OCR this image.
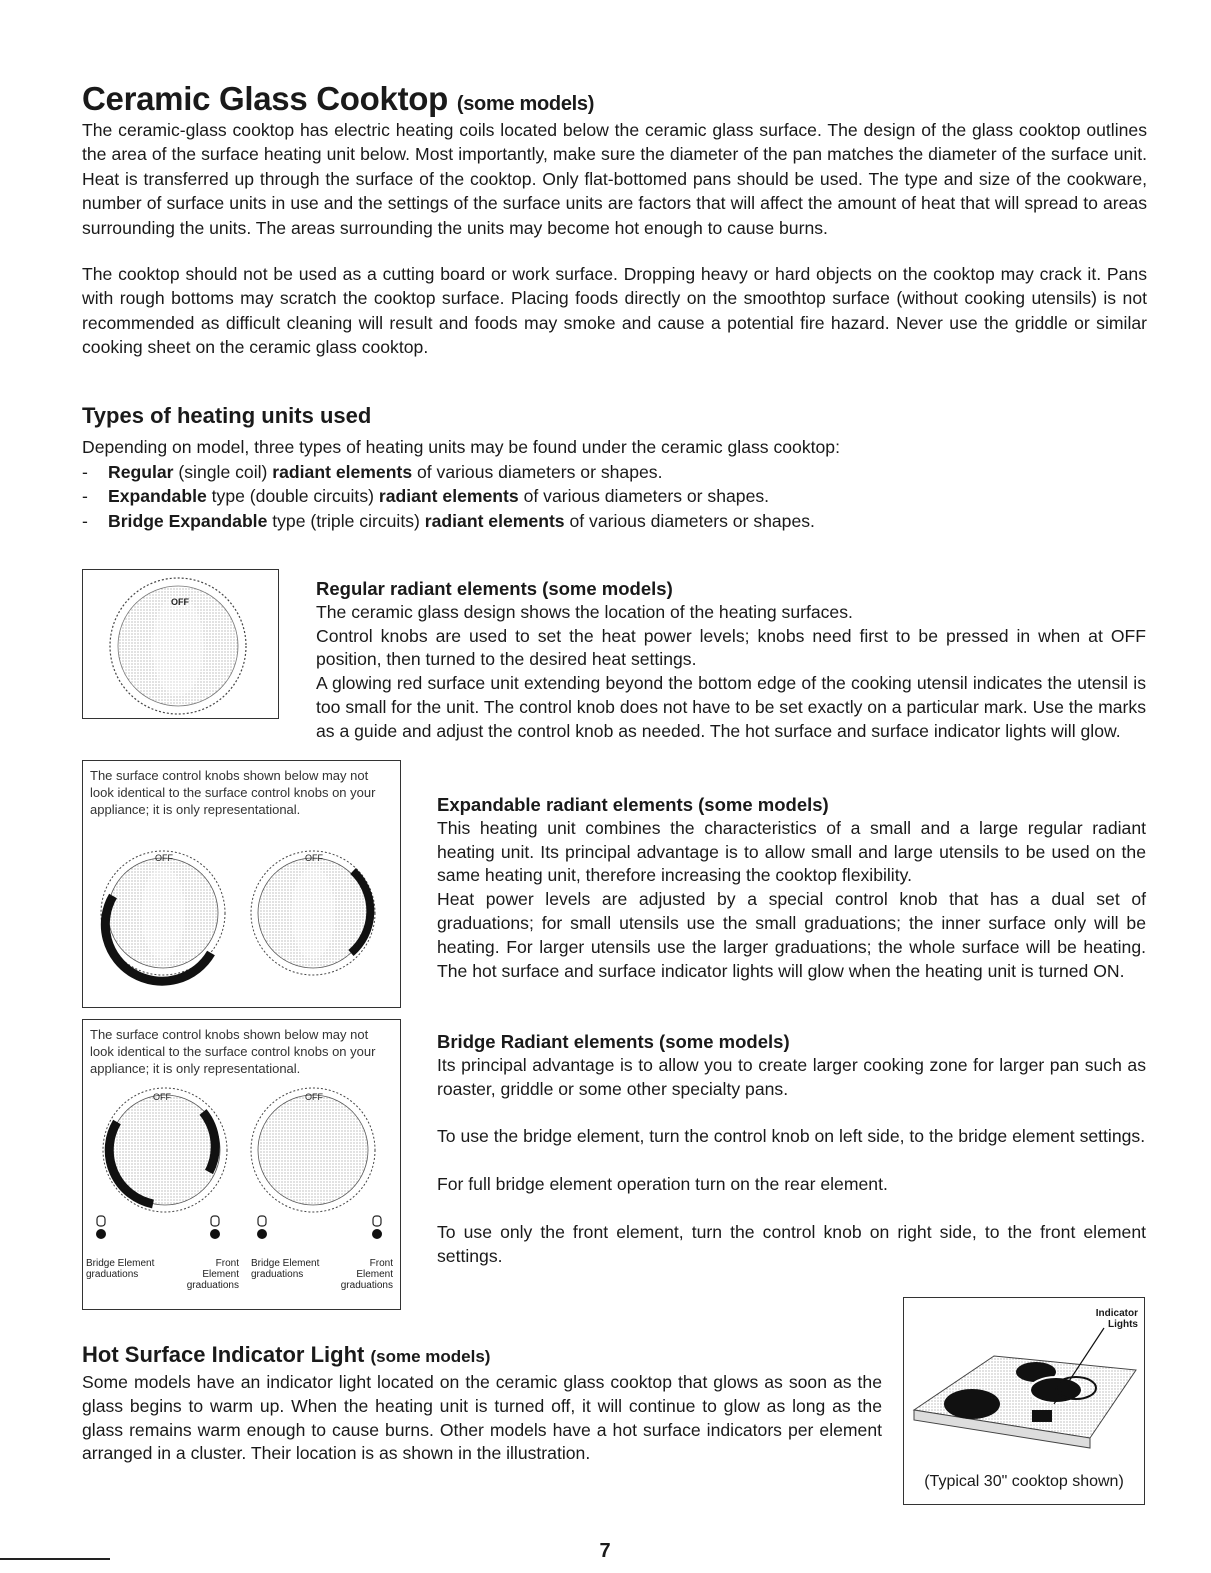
Ceramic Glass Cooktop (some models)
The ceramic-glass cooktop has electric heating coils located below the ceramic glass surface. The design of the glass cooktop outlines the area of the surface heating unit below. Most importantly, make sure the diameter of the pan matches the diameter of the surface unit. Heat is transferred up through the surface of the cooktop. Only flat-bottomed pans should be used. The type and size of the cookware, number of surface units in use and the settings of the surface units are factors that will affect the amount of heat that will spread to areas surrounding the units. The areas surrounding the units may become hot enough to cause burns.
The cooktop should not be used as a cutting board or work surface. Dropping heavy or hard objects on the cooktop may crack it. Pans with rough bottoms may scratch the cooktop surface. Placing foods directly on the smoothtop surface (without cooking utensils) is not recommended as difficult cleaning will result and foods may smoke and cause a potential fire hazard. Never use the griddle or similar cooking sheet on the ceramic glass cooktop.
Types of heating units used
Depending on model, three types of heating units may be found under the ceramic glass cooktop:
- Regular (single coil) radiant elements of various diameters or shapes.
- Expandable type (double circuits) radiant elements of various diameters or shapes.
- Bridge Expandable type (triple circuits) radiant elements of various diameters or shapes.
OFF
Regular radiant elements (some models)
The ceramic glass design shows the location of the heating surfaces.
Control knobs are used to set the heat power levels; knobs need first to be pressed in when at OFF position, then turned to the desired heat settings.
A glowing red surface unit extending beyond the bottom edge of the cooking utensil indicates the utensil is too small for the unit. The control knob does not have to be set exactly on a particular mark. Use the marks as a guide and adjust the control knob as needed. The hot surface and surface indicator lights will glow.
The surface control knobs shown below may not look identical to the surface control knobs on your appliance; it is only representational.
OFF	OFF
Expandable radiant elements (some models)
This heating unit combines the characteristics of a small and a large regular radiant heating unit. Its principal advantage is to allow small and large utensils to be used on the same heating unit, therefore increasing the cooktop flexibility.
Heat power levels are adjusted by a special control knob that has a dual set of graduations; for small utensils use the small graduations; the inner surface only will be heating. For larger utensils use the larger graduations; the whole surface will be heating. The hot surface and surface indicator lights will glow when the heating unit is turned ON.
The surface control knobs shown below may not look identical to the surface control knobs on your appliance; it is only representational.
OFF	OFF
Bridge Element graduations
Front Element graduations
Bridge Element graduations
Front Element graduations
Bridge Radiant elements (some models)
Its principal advantage is to allow you to create larger cooking zone for larger pan such as roaster, griddle or some other specialty pans.
To use the bridge element, turn the control knob on left side, to the bridge element settings.
For full bridge element operation turn on the rear element.
To use only the front element, turn the control knob on right side, to the front element settings.
Hot Surface Indicator Light (some models)
Some models have an indicator light located on the ceramic glass cooktop that glows as soon as the glass begins to warm up. When the heating unit is turned off, it will continue to glow as long as the glass remains warm enough to cause burns. Other models have a hot surface indicators per element arranged in a cluster. Their location is as shown in the illustration.
Indicator Lights
(Typical 30" cooktop shown)
7
